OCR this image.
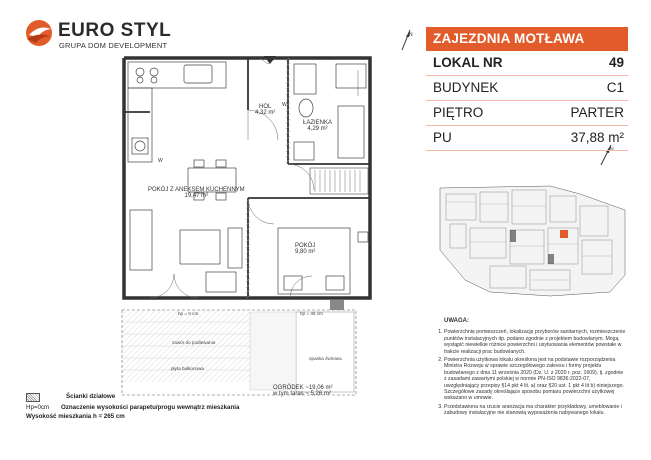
EURO STYL
GRUPA DOM DEVELOPMENT
N
N
ZAJEZDNIA MOTŁAWA
LOKAL NR	49
BUDYNEK	C1
PIĘTRO	PARTER
PU	37,88 m²
UWAGA:
1. Powierzchnię pomieszczeń, lokalizację przyborów sanitarnych, rozmieszczenie punktów instalacyjnych itp. podano zgodnie z projektem budowlanym. Mogą wystąpić niewielkie różnice powierzchni i usytuowania elementów powstałe w trakcie realizacji prac budowlanych.
2. Powierzchnia użytkowa lokalu określona jest na podstawie rozporządzenia Ministra Rozwoju w sprawie szczegółowego zakresu i formy projektu budowlanego z dnia 11 września 2020 (Dz. U. z 2020 r. poz. 1609), tj. zgodnie z zasadami zawartymi polskiej w normie PN-ISO 9836:2022-07, uwzględniający przepisy §14 pkt 4 lit. a) oraz §20 ust. 1 pkt 4 lit b) niniejszego. Szczegółowe zasady określające sposobu pomiaru powierzchni użytkowej wskazano w umowie.
3. Przedstawiona na rzucie aranżacja ma charakter przykładowy, umeblowanie i zabudowy instalacyjne nie stanowią wyposażenia nabywanego lokalu.
W
W
HOL
4,32 m²
ŁAZIENKA
4,29 m²
POKÓJ Z ANEKSEM KUCHENNYM
19,47 m²
POKÓJ
9,80 m²
OGRÓDEK ~19,06 m²
w tym taras ~ 5,26 m²
hp = 0 cm	hp = 45 cm
zawór do podlewania
płyta balkonowa
opaska żwirowa
Ścianki działowe
Hp=0cm Oznaczenie wysokości parapetu/progu wewnątrz mieszkania
Wysokość mieszkania h = 265 cm
